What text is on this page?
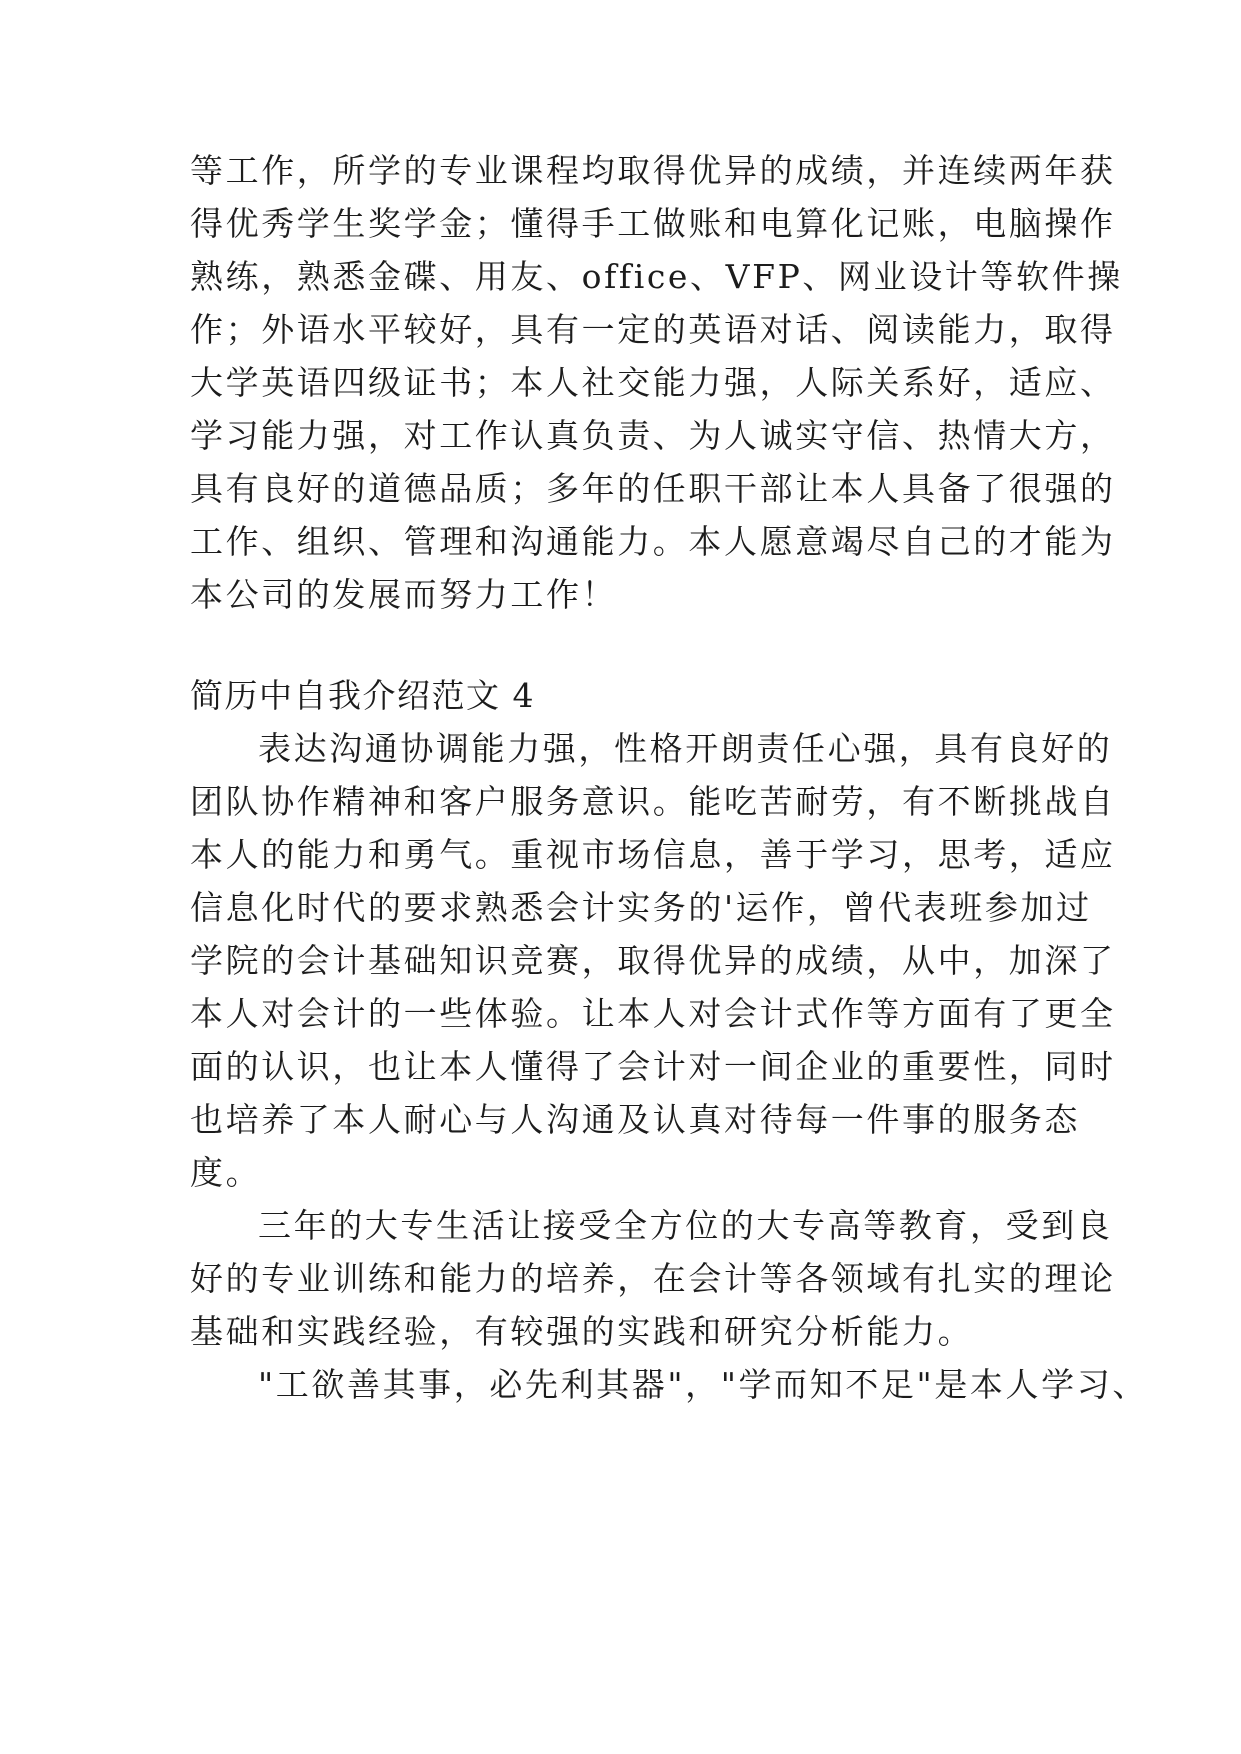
等工作，所学的专业课程均取得优异的成绩，并连续两年获

得优秀学生奖学金；懂得手工做账和电算化记账，电脑操作

熟练，熟悉金碟、用友、office、VFP、网业设计等软件操

作；外语水平较好，具有一定的英语对话、阅读能力，取得

大学英语四级证书；本人社交能力强，人际关系好，适应、

学习能力强，对工作认真负责、为人诚实守信、热情大方，

具有良好的道德品质；多年的任职干部让本人具备了很强的

工作、组织、管理和沟通能力。本人愿意竭尽自己的才能为

本公司的发展而努力工作！

简历中自我介绍范文 4

表达沟通协调能力强，性格开朗责任心强，具有良好的

团队协作精神和客户服务意识。能吃苦耐劳，有不断挑战自

本人的能力和勇气。重视市场信息，善于学习，思考，适应

信息化时代的要求熟悉会计实务的'运作，曾代表班参加过

学院的会计基础知识竞赛，取得优异的成绩，从中，加深了

本人对会计的一些体验。让本人对会计式作等方面有了更全

面的认识，也让本人懂得了会计对一间企业的重要性，同时

也培养了本人耐心与人沟通及认真对待每一件事的服务态

度。

三年的大专生活让接受全方位的大专高等教育，受到良

好的专业训练和能力的培养，在会计等各领域有扎实的理论

基础和实践经验，有较强的实践和研究分析能力。

"工欲善其事，必先利其器"，"学而知不足"是本人学习、
